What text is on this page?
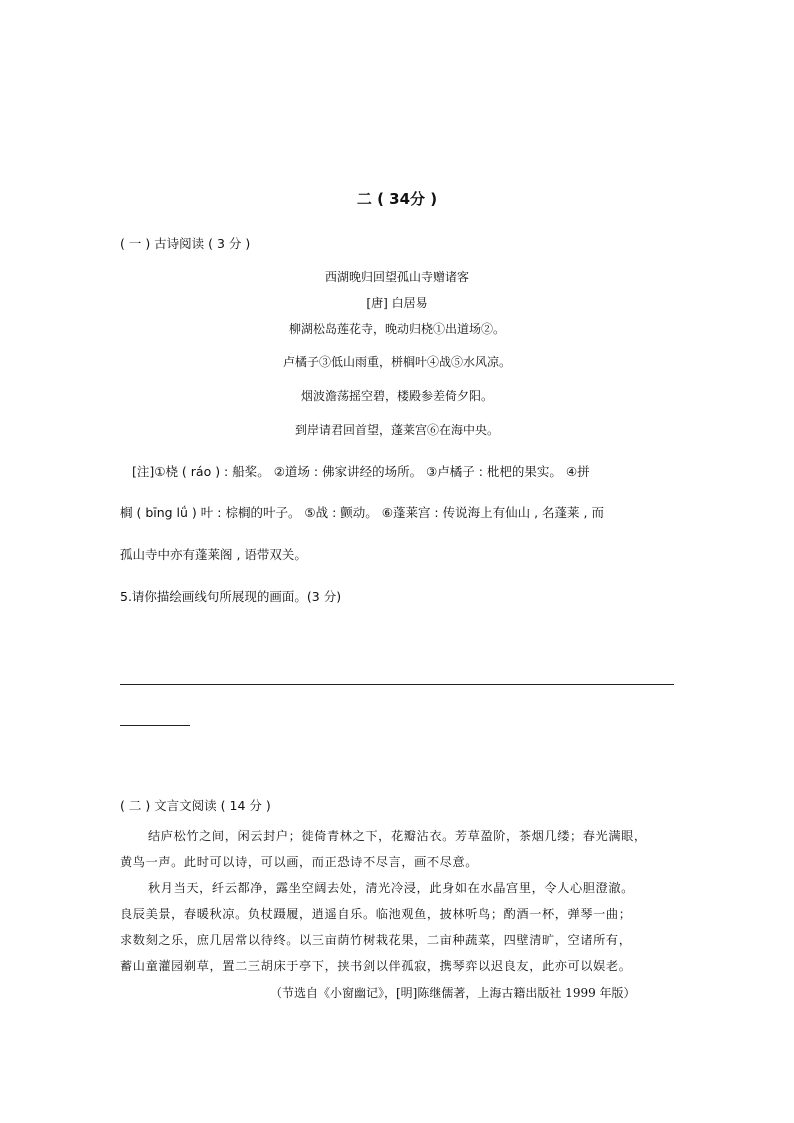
二 ( 34分 )
( 一 ) 古诗阅读 ( 3 分 )
西湖晚归回望孤山寺赠诸客
[唐] 白居易
柳湖松岛莲花寺，晚动归桡①出道场②。
卢橘子③低山雨重，栟榈叶④战⑤水风凉。
烟波澹荡摇空碧，楼殿参差倚夕阳。
到岸请君回首望，蓬莱宫⑥在海中央。
[注]①桡 ( ráo ) : 船桨。 ②道场 : 佛家讲经的场所。 ③卢橘子 : 枇杷的果实。 ④拼
榈 ( bīng lǘ ) 叶 : 棕榈的叶子。 ⑤战 : 颤动。 ⑥蓬莱宫 : 传说海上有仙山 , 名蓬莱 , 而
孤山寺中亦有蓬莱阁 , 语带双关。
5.请你描绘画线句所展现的画面。(3 分)
( 二 ) 文言文阅读 ( 14 分 )
结庐松竹之间，闲云封户；徙倚青林之下，花瓣沾衣。芳草盈阶，茶烟几缕；春光满眼，
黄鸟一声。此时可以诗，可以画，而正恐诗不尽言，画不尽意。
秋月当天，纤云都净，露坐空阔去处，清光冷浸，此身如在水晶宫里，令人心胆澄澈。
良辰美景，春暖秋凉。负杖蹑履，逍遥自乐。临池观鱼，披林听鸟；酌酒一杯，弹琴一曲；
求数刻之乐，庶几居常以待终。以三亩荫竹树栽花果，二亩种蔬菜，四壁清旷，空诸所有，
蓄山童灌园剃草，置二三胡床于亭下，挟书剑以伴孤寂，携琴弈以迟良友，此亦可以娱老。
（节选自《小窗幽记》，[明]陈继儒著，上海古籍出版社 1999 年版）
